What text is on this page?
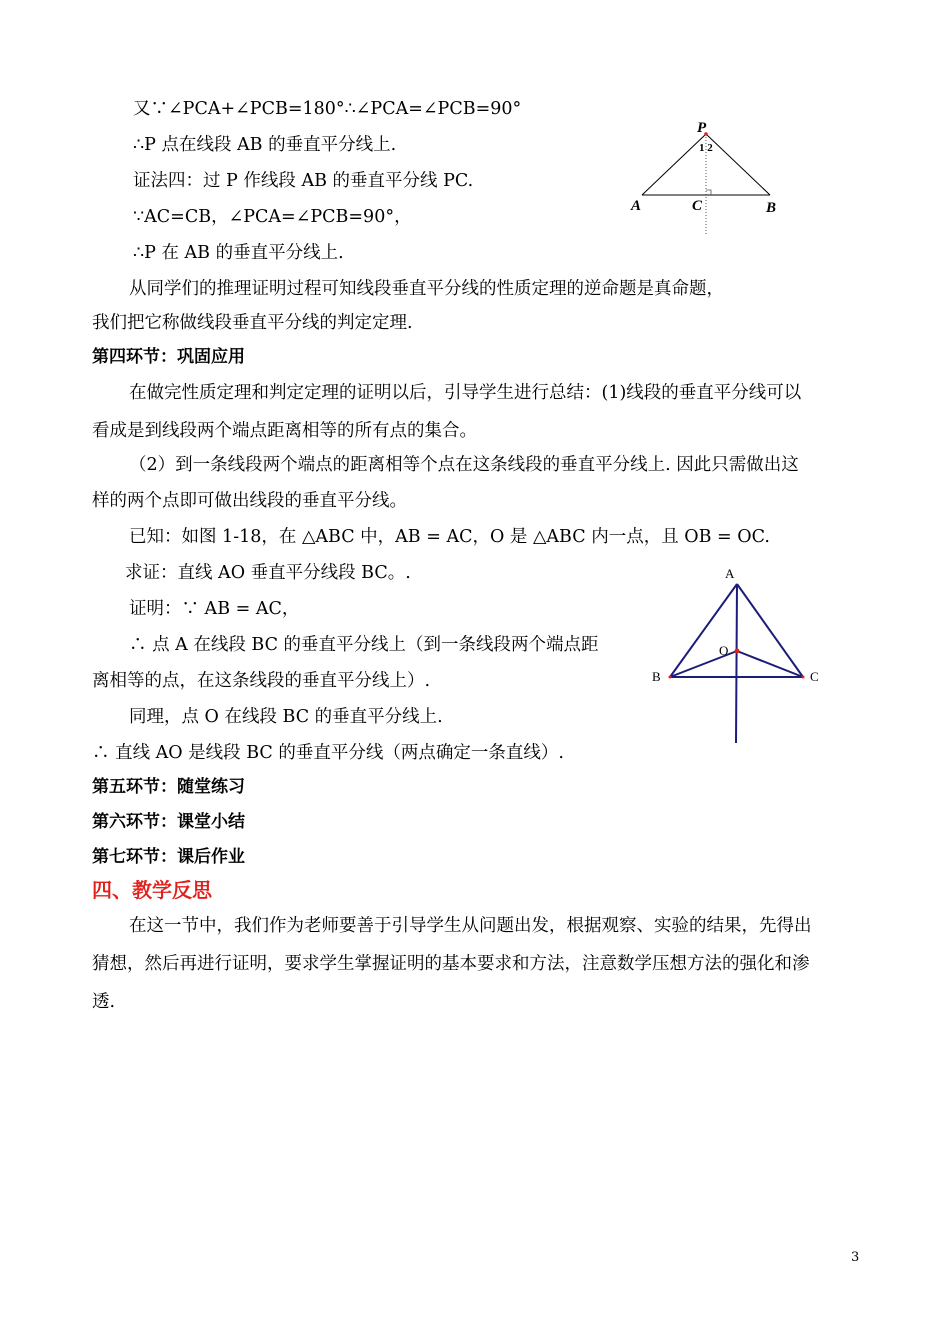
又∵∠PCA+∠PCB=180°∴∠PCA=∠PCB=90°
∴P 点在线段 AB 的垂直平分线上.
证法四：过 P 作线段 AB 的垂直平分线 PC.
∵AC=CB，∠PCA=∠PCB=90°，
∴P 在 AB 的垂直平分线上.
从同学们的推理证明过程可知线段垂直平分线的性质定理的逆命题是真命题，
我们把它称做线段垂直平分线的判定定理.
第四环节：巩固应用
在做完性质定理和判定定理的证明以后，引导学生进行总结：(1)线段的垂直平分线可以
看成是到线段两个端点距离相等的所有点的集合。
（2）到一条线段两个端点的距离相等个点在这条线段的垂直平分线上. 因此只需做出这
样的两个点即可做出线段的垂直平分线。
已知：如图 1-18，在 △ABC 中，AB = AC，O 是 △ABC 内一点，且 OB = OC.
求证：直线 AO 垂直平分线段 BC。.
证明：∵ AB = AC，
∴ 点 A 在线段 BC 的垂直平分线上（到一条线段两个端点距
离相等的点，在这条线段的垂直平分线上）.
同理，点 O 在线段 BC 的垂直平分线上.
∴ 直线 AO 是线段 BC 的垂直平分线（两点确定一条直线）.
第五环节：随堂练习
第六环节：课堂小结
第七环节：课后作业
四、教学反思
在这一节中，我们作为老师要善于引导学生从问题出发，根据观察、实验的结果，先得出
猜想，然后再进行证明，要求学生掌握证明的基本要求和方法，注意数学压想方法的强化和渗
透.
P
1 2
A	C	B
A
B	C
O
3
